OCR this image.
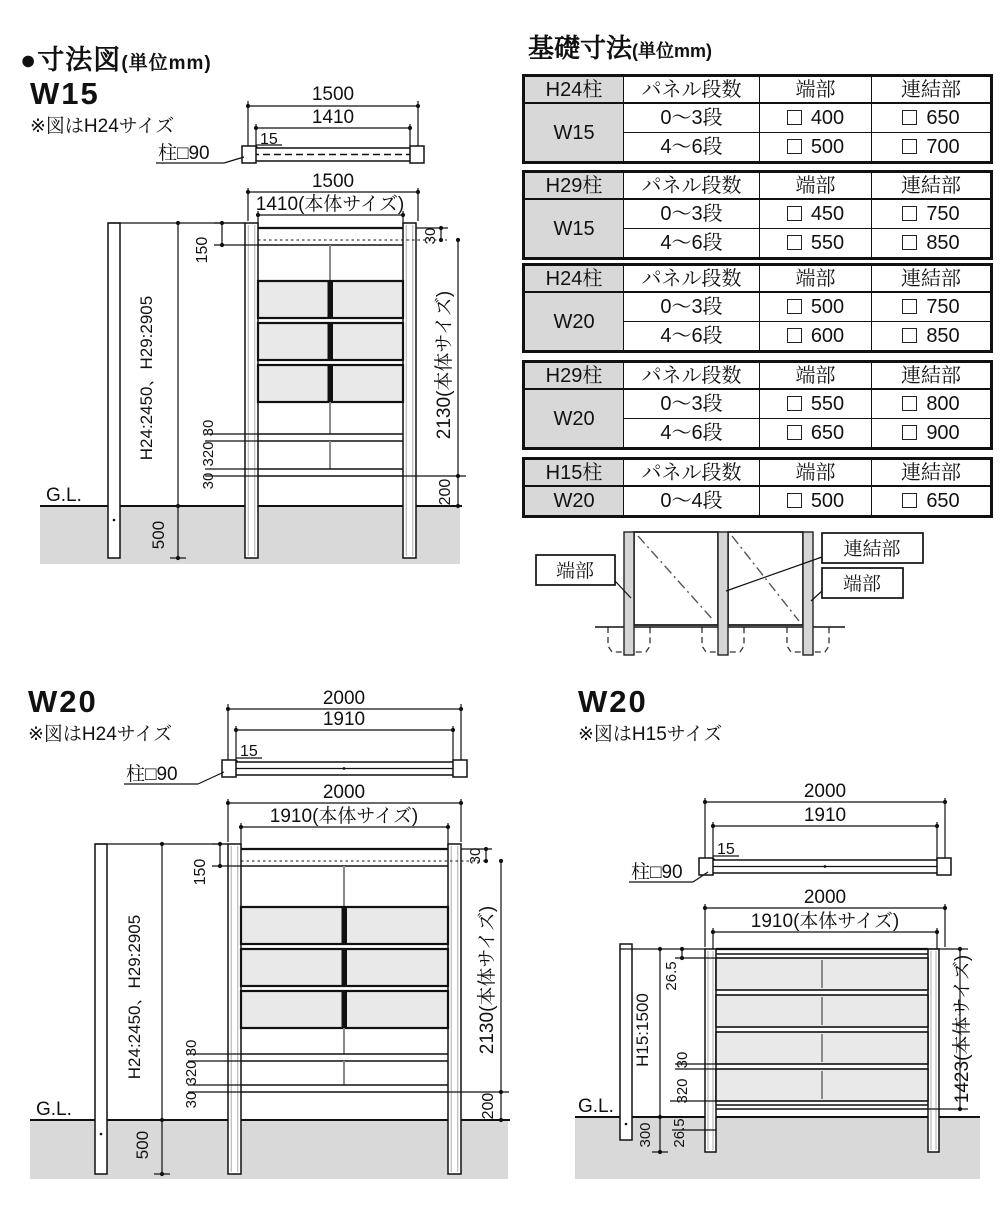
●寸法図(単位mm)
W15
※図はH24サイズ
基礎寸法(単位mm)
W20
※図はH24サイズ
W20
※図はH15サイズ
H24柱	パネル段数	端部	連結部
W15	0〜3段	400	650
	4〜6段	500	700
H29柱	パネル段数	端部	連結部
W15	0〜3段	450	750
	4〜6段	550	850
H24柱	パネル段数	端部	連結部
W20	0〜3段	500	750
	4〜6段	600	850
H29柱	パネル段数	端部	連結部
W20	0〜3段	550	800
	4〜6段	650	900
H15柱	パネル段数	端部	連結部
W20	0〜4段	500	650
1500
1410
15
柱□90
1500
1410(本体サイズ)
150
H24:2450、H29:2905	30
320
30
500
G.L.
30
2130(本体サイズ)
200
端部
連結部
端部
2000
1910
15
柱□90
2000
1910(本体サイズ)
150
H24:2450、H29:2905	30
320
30
500
G.L.
30
2130(本体サイズ)
200
2000
1910
15
柱□90
2000
1910(本体サイズ)
H15:1500
26.5
30
320
26.5
300
G.L.
1423(本体サイズ)
